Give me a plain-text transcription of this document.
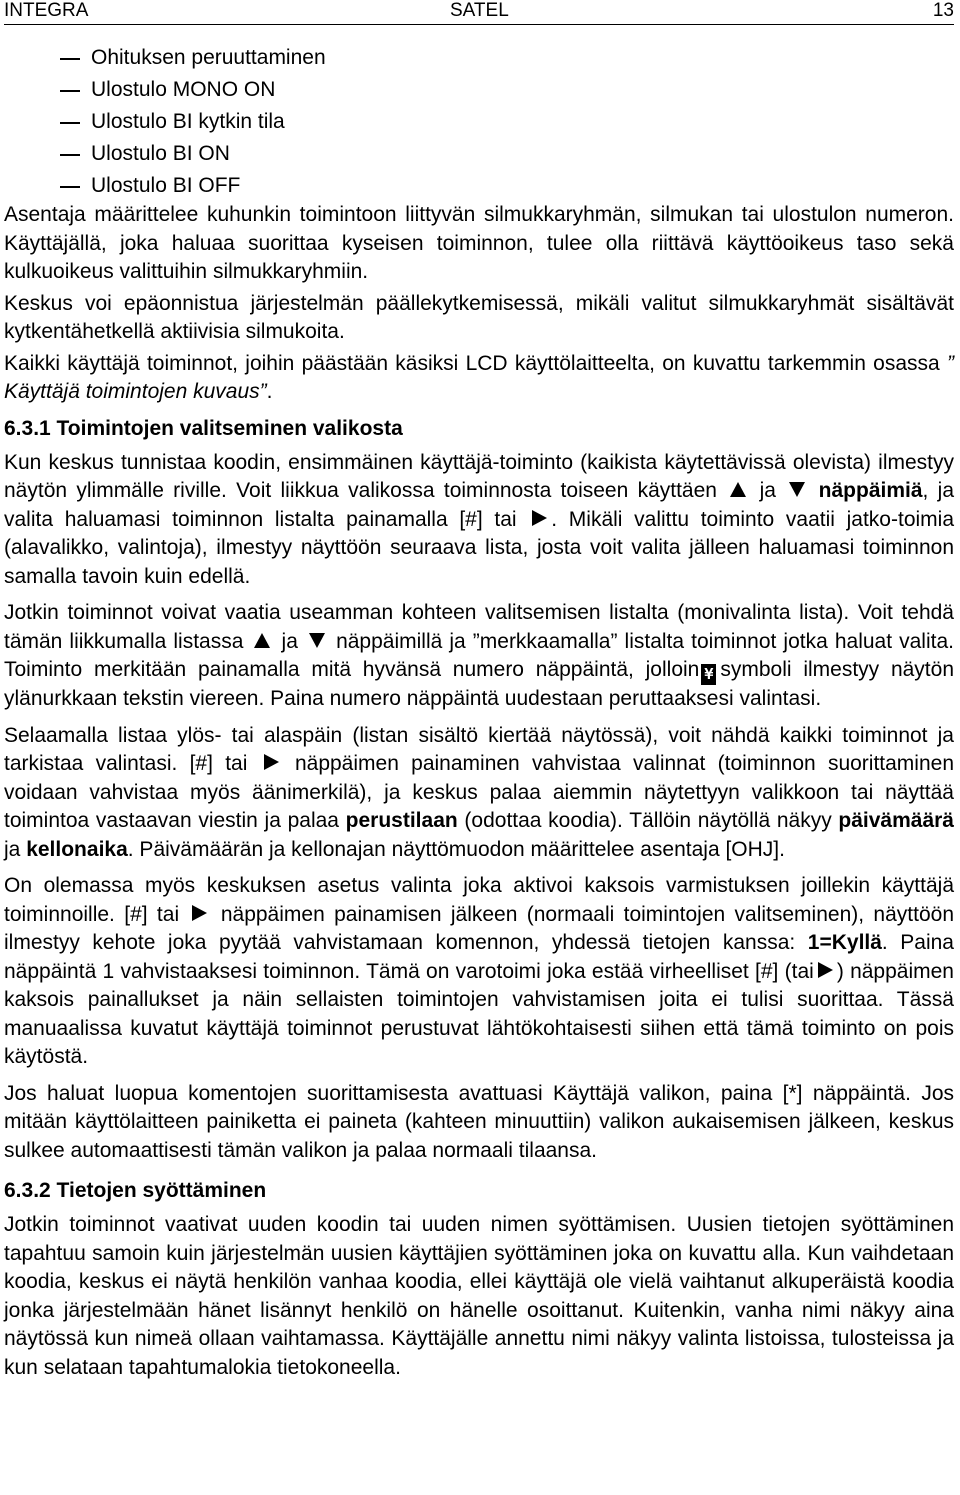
INTEGRA	SATEL	13
Ohituksen peruuttaminen
Ulostulo MONO ON
Ulostulo BI kytkin tila
Ulostulo BI ON
Ulostulo BI OFF

Asentaja määrittelee kuhunkin toimintoon liittyvän silmukkaryhmän, silmukan tai ulostulon numeron. Käyttäjällä, joka haluaa suorittaa kyseisen toiminnon, tulee olla riittävä käyttöoikeus taso sekä kulkuoikeus valittuihin silmukkaryhmiin.

Keskus voi epäonnistua järjestelmän päällekytkemisessä, mikäli valitut silmukkaryhmät sisältävät kytkentähetkellä aktiivisia silmukoita.

Kaikki käyttäjä toiminnot, joihin päästään käsiksi LCD käyttölaitteelta, on kuvattu tarkemmin osassa ” Käyttäjä toimintojen kuvaus”.

6.3.1 Toimintojen valitseminen valikosta

Kun keskus tunnistaa koodin, ensimmäinen käyttäjä-toiminto (kaikista käytettävissä olevista) ilmestyy näytön ylimmälle riville. Voit liikkua valikossa toiminnosta toiseen käyttäen ja näppäimiä, ja valita haluamasi toiminnon listalta painamalla [#] tai . Mikäli valittu toiminto vaatii jatko-toimia (alavalikko, valintoja), ilmestyy näyttöön seuraava lista, josta voit valita jälleen haluamasi toiminnon samalla tavoin kuin edellä.

Jotkin toiminnot voivat vaatia useamman kohteen valitsemisen listalta (monivalinta lista). Voit tehdä tämän liikkumalla listassa ja näppäimillä ja ”merkkaamalla” listalta toiminnot jotka haluat valita. Toiminto merkitään painamalla mitä hyvänsä numero näppäintä, jolloin ¥ symboli ilmestyy näytön ylänurkkaan tekstin viereen. Paina numero näppäintä uudestaan peruttaaksesi valintasi.

Selaamalla listaa ylös- tai alaspäin (listan sisältö kiertää näytössä), voit nähdä kaikki toiminnot ja tarkistaa valintasi. [#] tai näppäimen painaminen vahvistaa valinnat (toiminnon suorittaminen voidaan vahvistaa myös äänimerkilä), ja keskus palaa aiemmin näytettyyn valikkoon tai näyttää toimintoa vastaavan viestin ja palaa perustilaan (odottaa koodia). Tällöin näytöllä näkyy päivämäärä ja kellonaika. Päivämäärän ja kellonajan näyttömuodon määrittelee asentaja [OHJ].

On olemassa myös keskuksen asetus valinta joka aktivoi kaksois varmistuksen joillekin käyttäjä toiminnoille. [#] tai näppäimen painamisen jälkeen (normaali toimintojen valitseminen), näyttöön ilmestyy kehote joka pyytää vahvistamaan komennon, yhdessä tietojen kanssa: 1=Kyllä. Paina näppäintä 1 vahvistaaksesi toiminnon. Tämä on varotoimi joka estää virheelliset [#] (tai ) näppäimen kaksois painallukset ja näin sellaisten toimintojen vahvistamisen joita ei tulisi suorittaa. Tässä manuaalissa kuvatut käyttäjä toiminnot perustuvat lähtökohtaisesti siihen että tämä toiminto on pois käytöstä.

Jos haluat luopua komentojen suorittamisesta avattuasi Käyttäjä valikon, paina [*] näppäintä. Jos mitään käyttölaitteen painiketta ei paineta (kahteen minuuttiin) valikon aukaisemisen jälkeen, keskus sulkee automaattisesti tämän valikon ja palaa normaali tilaansa.

6.3.2 Tietojen syöttäminen

Jotkin toiminnot vaativat uuden koodin tai uuden nimen syöttämisen. Uusien tietojen syöttäminen tapahtuu samoin kuin järjestelmän uusien käyttäjien syöttäminen joka on kuvattu alla. Kun vaihdetaan koodia, keskus ei näytä henkilön vanhaa koodia, ellei käyttäjä ole vielä vaihtanut alkuperäistä koodia jonka järjestelmään hänet lisännyt henkilö on hänelle osoittanut. Kuitenkin, vanha nimi näkyy aina näytössä kun nimeä ollaan vaihtamassa. Käyttäjälle annettu nimi näkyy valinta listoissa, tulosteissa ja kun selataan tapahtumalokia tietokoneella.
